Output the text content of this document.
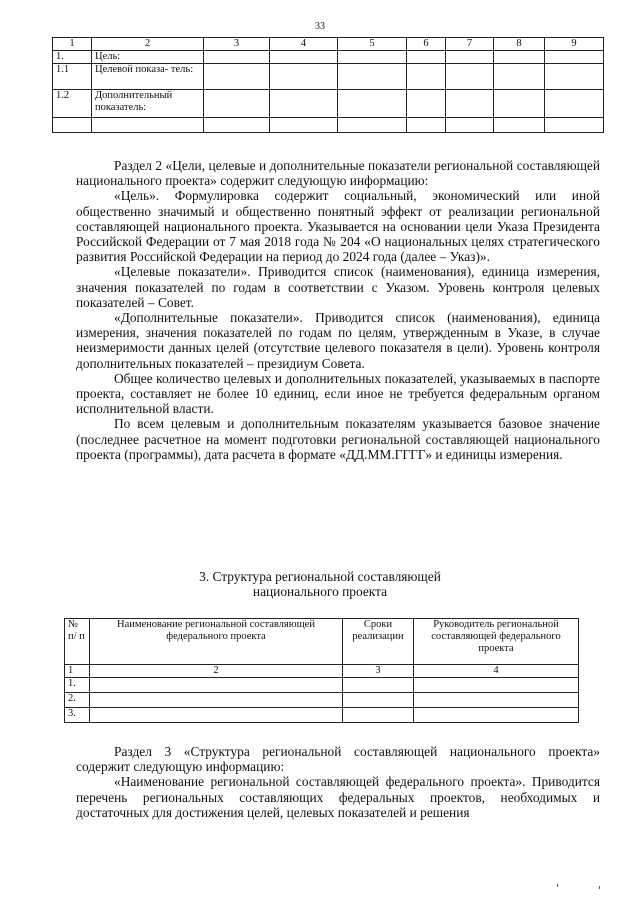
33
1	2	3	4	5	6	7	8	9
1.	Цель:							
1.1	Целевой показа- тель:							
1.2	Дополнительный показатель:							

Раздел 2 «Цели, целевые и дополнительные показатели региональной составляющей национального проекта» содержит следующую информацию:

«Цель». Формулировка содержит социальный, экономический или иной общественно значимый и общественно понятный эффект от реализации региональной составляющей национального проекта. Указывается на основании цели Указа Президента Российской Федерации от 7 мая 2018 года № 204 «О национальных целях стратегического развития Российской Федерации на период до 2024 года (далее – Указ)».

«Целевые показатели». Приводится список (наименования), единица измерения, значения показателей по годам в соответствии с Указом. Уровень контроля целевых показателей – Совет.

«Дополнительные показатели». Приводится список (наименования), единица измерения, значения показателей по годам по целям, утвержденным в Указе, в случае неизмеримости данных целей (отсутствие целевого показателя в цели). Уровень контроля дополнительных показателей – президиум Совета.

Общее количество целевых и дополнительных показателей, указываемых в паспорте проекта, составляет не более 10 единиц, если иное не требуется федеральным органом исполнительной власти.

По всем целевым и дополнительным показателям указывается базовое значение (последнее расчетное на момент подготовки региональной составляющей национального проекта (программы), дата расчета в формате «ДД.ММ.ГГГГ» и единицы измерения.

3. Структура региональной составляющей
национального проекта
№ п/ п	Наименование региональной составляющей федерального проекта	Сроки реализации	Руководитель региональной составляющей федерального проекта
1	2	3	4
1.			
2.			
3.			

Раздел 3 «Структура региональной составляющей национального проекта» содержит следующую информацию:

«Наименование региональной составляющей федерального проекта». Приводится перечень региональных составляющих федеральных проектов, необходимых и достаточных для достижения целей, целевых показателей и решения
